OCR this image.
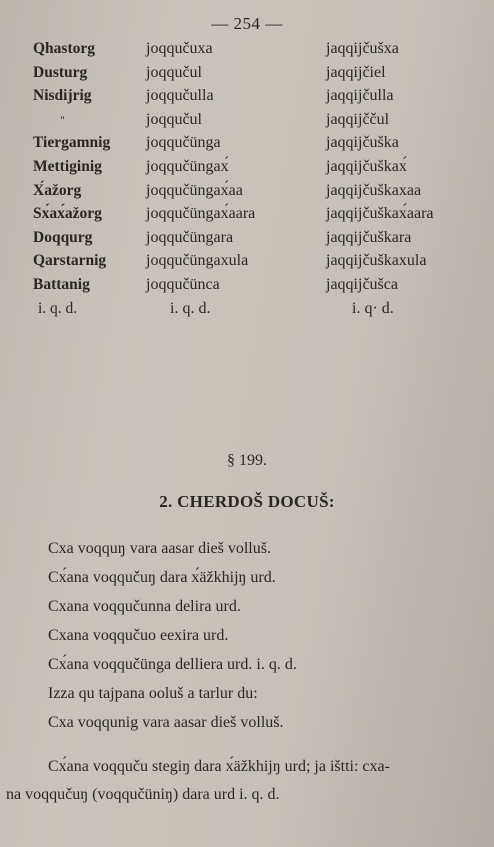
— 254 —
Qhastorg	joqqučuхa	jaqqijčušхa
Dusturg	joqqučul	jaqqijčiel
Nisdijrig	joqqučulla	jaqqijčulla
"	joqqučul	jaqqijččul
Tiergamnig joqqučünga	jaqqijčuška
Mettiginig	joqqučüngaх́	jaqqijčuškaх́
Х́ažorg	joqqučüngaх́aa	jaqqijčuškaхaa
Sх́aх́ažorg	joqqučüngaх́aara	jaqqijčuškaх́aara
Doqqurg	joqqučüngara	jaqqijčuškara
Qarstarnig joqqučüngaхula	jaqqijčuškaхula
Battanig	joqqučünca	jaqqijčušca
i. q. d.	i. q. d.	i. q· d.
§ 199.
2. CHERDOŠ DOCUŠ:
Cхa voqquŋ vara aasar dieš volluš.
Cх́ana voqqučuŋ dara х́äžkhijŋ urd.
Cхana voqqučunna delira urd.
Cхana voqqučuo eexira urd.
Cх́ana voqqučünga delliera urd. i. q. d.
Izza qu tajpana ooluš a tarlur du:
Cхa voqqunig vara aasar dieš volluš.
Cх́ana voqquču stegiŋ dara х́äžkhijŋ urd; ja ištti: cхa-
na voqqučuŋ (voqqučüniŋ) dara urd i. q. d.
